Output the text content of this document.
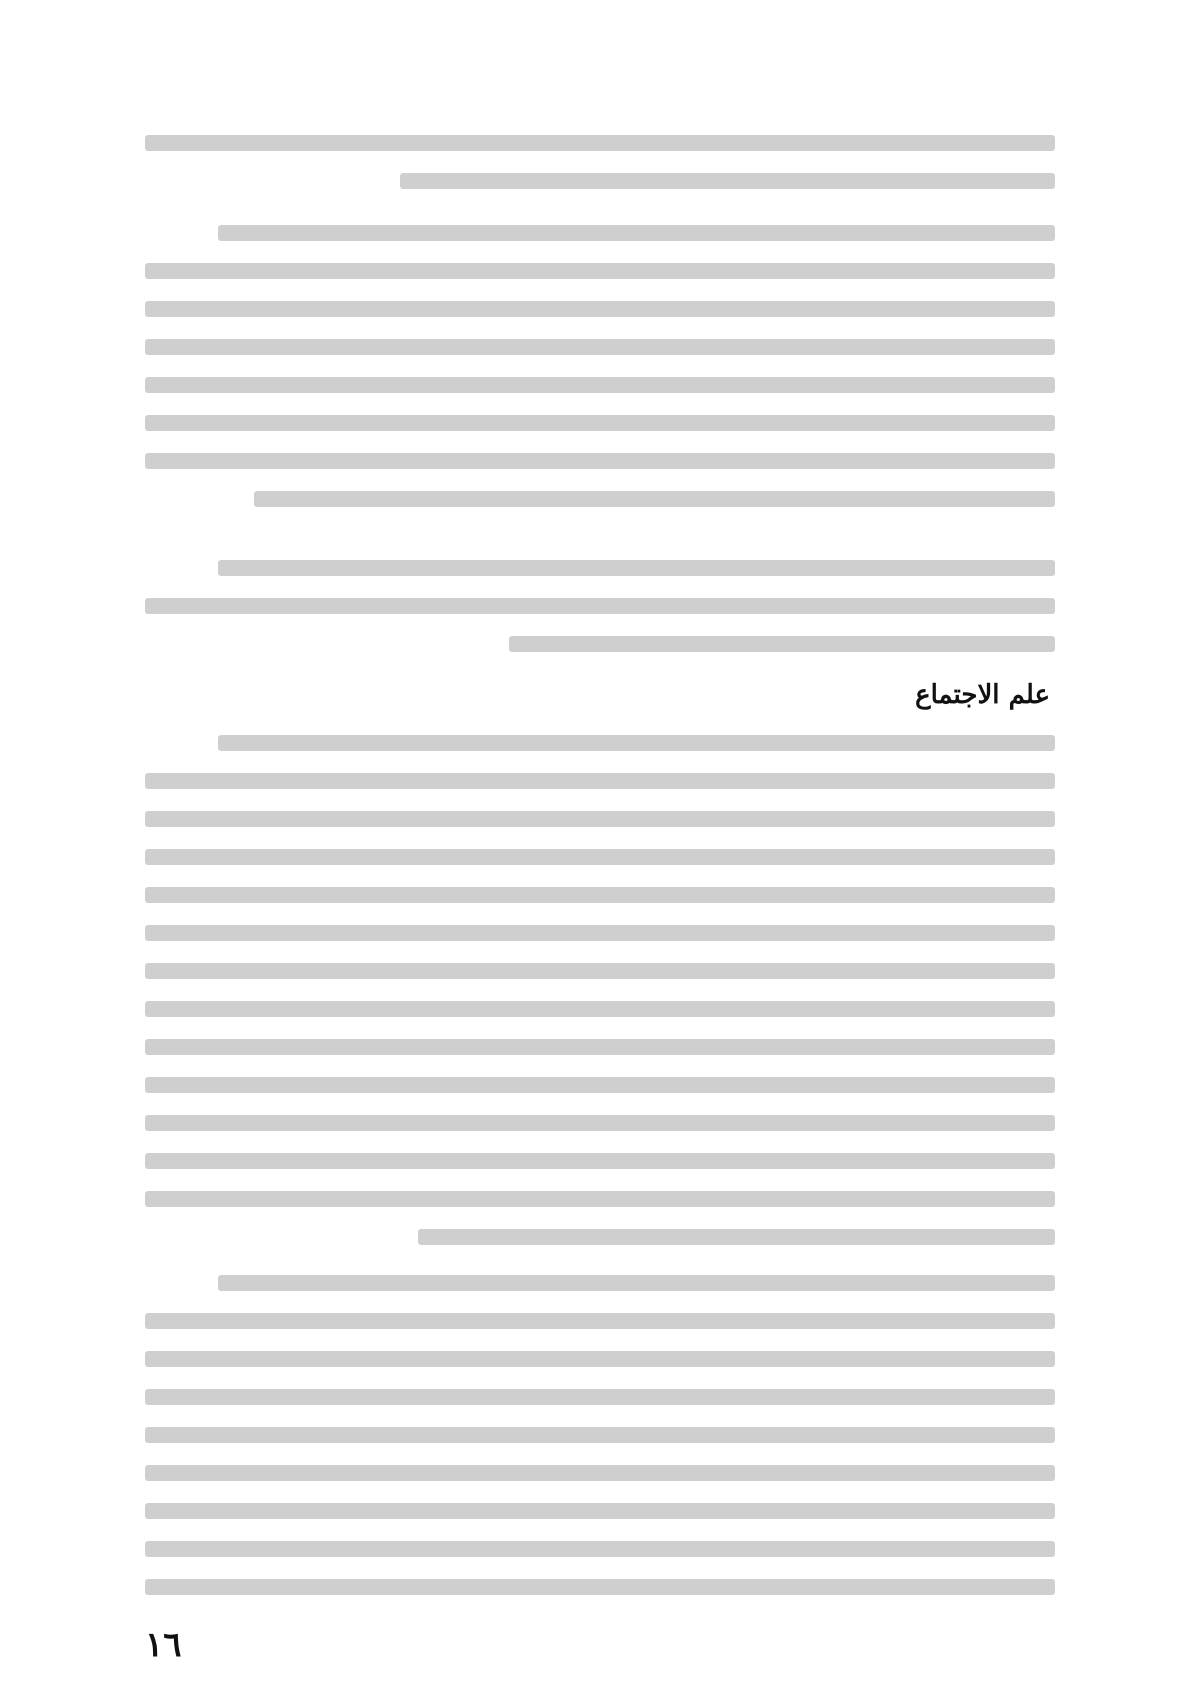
علم الاجتماع
١٦
